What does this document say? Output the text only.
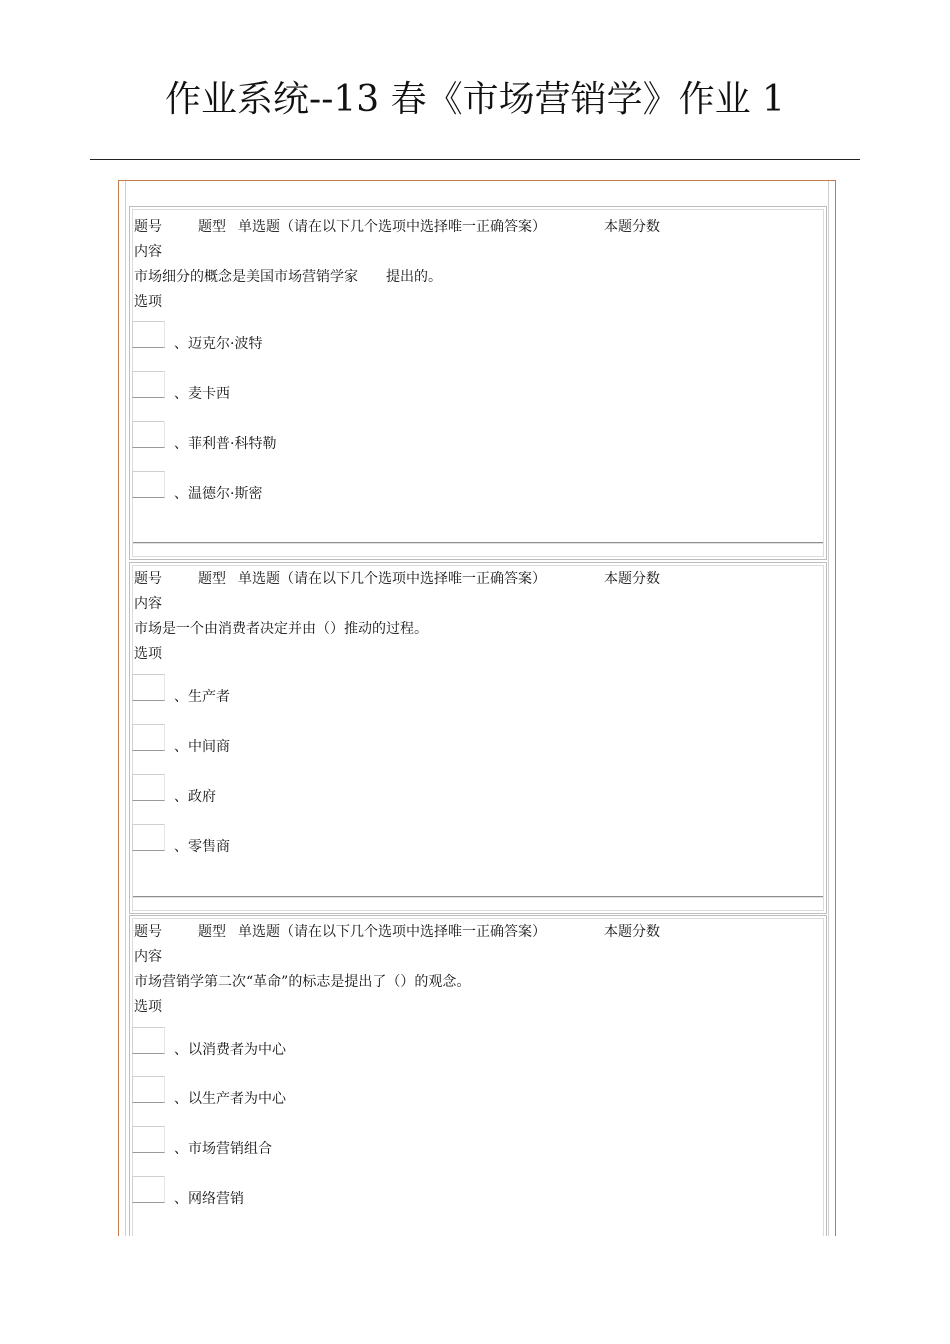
作业系统--13 春《市场营销学》作业 1
题号	题型 单选题（请在以下几个选项中选择唯一正确答案）	本题分数
内容
市场细分的概念是美国市场营销学家　　提出的。
选项
、迈克尔·波特
、麦卡西
、菲利普·科特勒
、温德尔·斯密
题号	题型 单选题（请在以下几个选项中选择唯一正确答案）	本题分数
内容
市场是一个由消费者决定并由（）推动的过程。
选项
、生产者
、中间商
、政府
、零售商
题号	题型 单选题（请在以下几个选项中选择唯一正确答案）	本题分数
内容
市场营销学第二次“革命”的标志是提出了（）的观念。
选项
、以消费者为中心
、以生产者为中心
、市场营销组合
、网络营销
